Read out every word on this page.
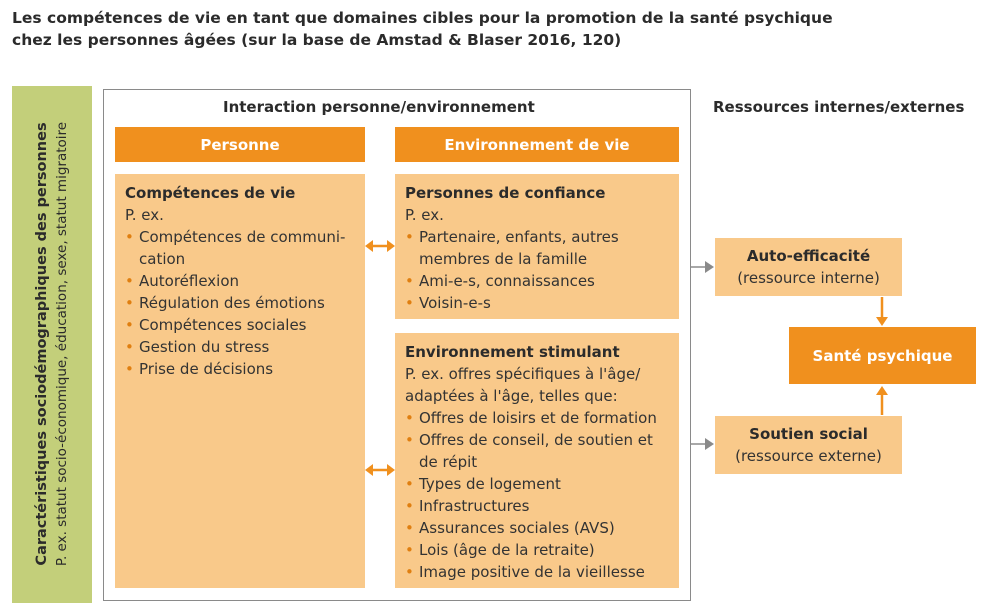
Les compétences de vie en tant que domaines cibles pour la promotion de la santé psychique
chez les personnes âgées (sur la base de Amstad & Blaser 2016, 120)
Caractéristiques sociodémographiques des personnes P. ex. statut socio-économique, éducation, sexe, statut migratoire
Interaction personne/environnement	Ressources internes/externes
Personne	Environnement de vie
Compétences de vie
P. ex.
• Compétences de communi-
cation
• Autoréflexion
• Régulation des émotions
• Compétences sociales
• Gestion du stress
• Prise de décisions
Personnes de confiance
P. ex.
• Partenaire, enfants, autres membres de la famille
• Ami-e-s, connaissances
• Voisin-e-s
Environnement stimulant
P. ex. offres spécifiques à l'âge/ adaptées à l'âge, telles que:
• Offres de loisirs et de formation
• Offres de conseil, de soutien et de répit
• Types de logement
• Infrastructures
• Assurances sociales (AVS)
• Lois (âge de la retraite)
• Image positive de la vieillesse
Auto-efficacité
(ressource interne)
Soutien social
(ressource externe)
Santé psychique
